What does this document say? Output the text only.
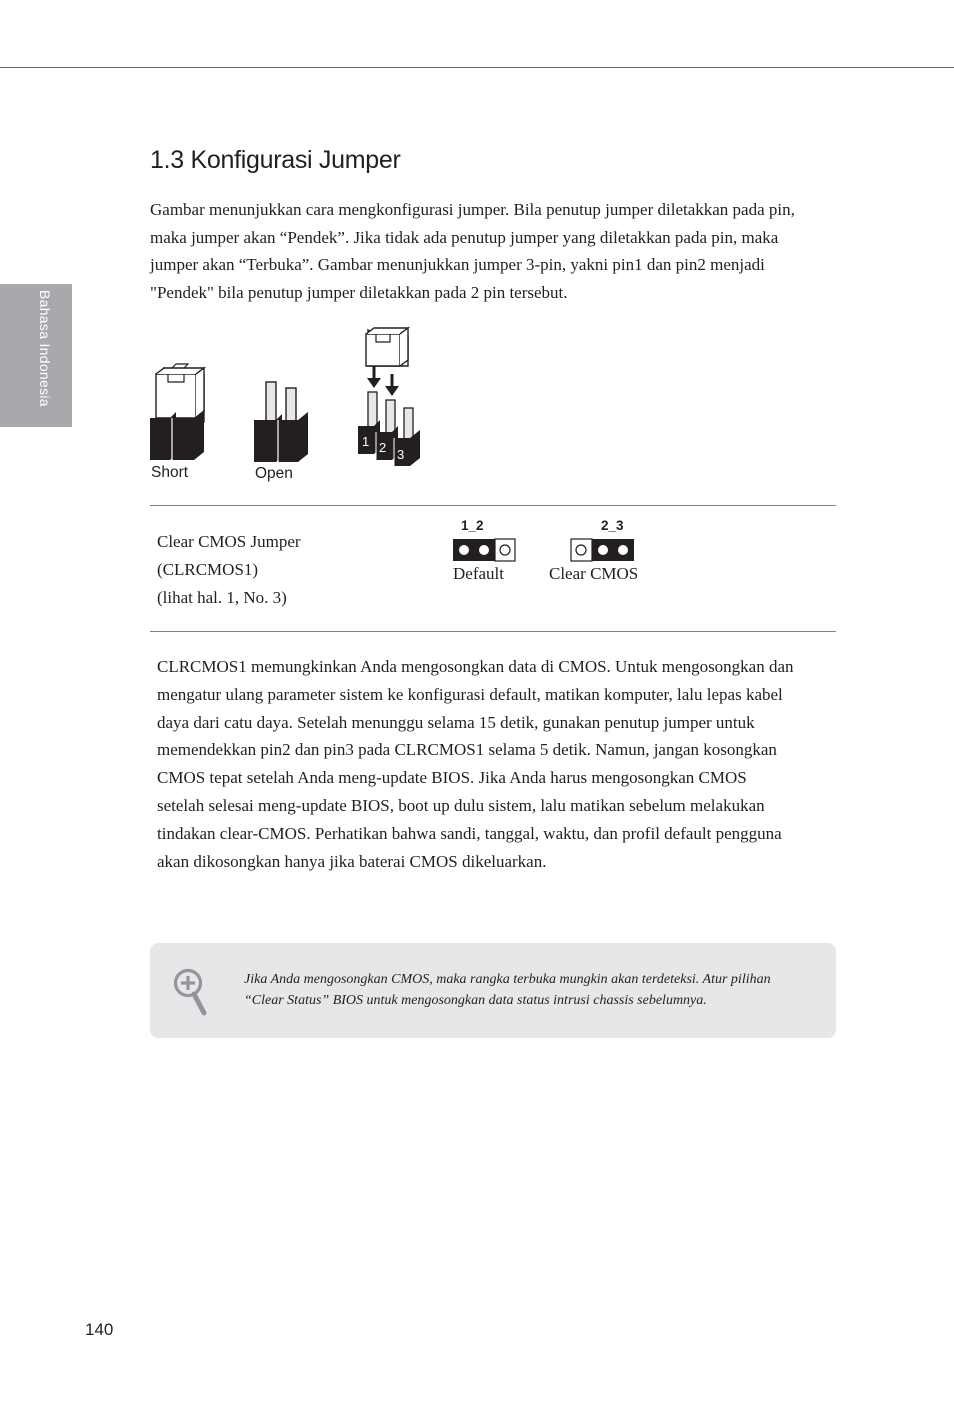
Bahasa Indonesia
1.3 Konfigurasi Jumper

Gambar menunjukkan cara mengkonfigurasi jumper. Bila penutup jumper diletakkan pada pin, maka jumper akan “Pendek”. Jika tidak ada penutup jumper yang diletakkan pada pin, maka jumper akan “Terbuka”. Gambar menunjukkan jumper 3-pin, yakni pin1 dan pin2 menjadi "Pendek" bila penutup jumper diletakkan pada 2 pin tersebut.

1 2 3
Short	Open

Clear CMOS Jumper
(CLRCMOS1)
(lihat hal. 1, No. 3)

1_2
Default
2_3
Clear CMOS

CLRCMOS1 memungkinkan Anda mengosongkan data di CMOS. Untuk mengosongkan dan mengatur ulang parameter sistem ke konfigurasi default, matikan komputer, lalu lepas kabel daya dari catu daya. Setelah menunggu selama 15 detik, gunakan penutup jumper untuk memendekkan pin2 dan pin3 pada CLRCMOS1 selama 5 detik. Namun, jangan kosongkan CMOS tepat setelah Anda meng-update BIOS. Jika Anda harus mengosongkan CMOS setelah selesai meng-update BIOS, boot up dulu sistem, lalu matikan sebelum melakukan tindakan clear-CMOS. Perhatikan bahwa sandi, tanggal, waktu, dan profil default pengguna akan dikosongkan hanya jika baterai CMOS dikeluarkan.

Jika Anda mengosongkan CMOS, maka rangka terbuka mungkin akan terdeteksi. Atur pilihan “Clear Status” BIOS untuk mengosongkan data status intrusi chassis sebelumnya.

140
